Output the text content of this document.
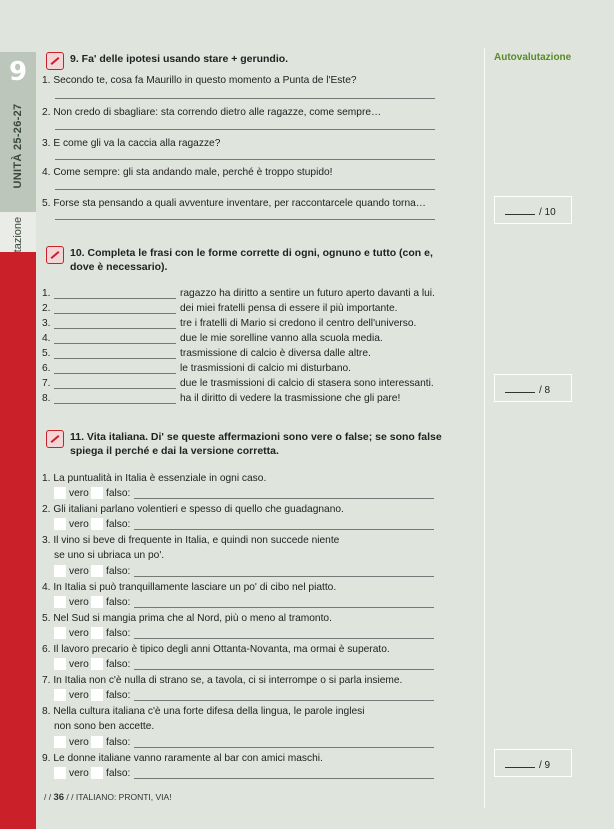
9
UNITÀ 25-26-27
Autovalutazione
/ 10
/ 8
/ 9
9. Fa' delle ipotesi usando stare + gerundio.
1. Secondo te, cosa fa Maurillo in questo momento a Punta de l'Este?
2. Non credo di sbagliare: sta correndo dietro alle ragazze, come sempre…
3. E come gli va la caccia alla ragazze?
4. Come sempre: gli sta andando male, perché è troppo stupido!
5. Forse sta pensando a quali avventure inventare, per raccontarcele quando torna…
10. Completa le frasi con le forme corrette di ogni, ognuno e tutto (con e, dove è necessario).
1.	ragazzo ha diritto a sentire un futuro aperto davanti a lui.
2.	dei miei fratelli pensa di essere il più importante.
3.	tre i fratelli di Mario si credono il centro dell'universo.
4.	due le mie sorelline vanno alla scuola media.
5.	trasmissione di calcio è diversa dalle altre.
6.	le trasmissioni di calcio mi disturbano.
7.	due le trasmissioni di calcio di stasera sono interessanti.
8.	ha il diritto di vedere la trasmissione che gli pare!
11. Vita italiana. Di' se queste affermazioni sono vere o false; se sono false spiega il perché e dai la versione corretta.
1. La puntualità in Italia è essenziale in ogni caso.
vero falso:
2. Gli italiani parlano volentieri e spesso di quello che guadagnano.
vero falso:
3. Il vino si beve di frequente in Italia, e quindi non succede niente
se uno si ubriaca un po'.
vero falso:
4. In Italia si può tranquillamente lasciare un po' di cibo nel piatto.
vero falso:
5. Nel Sud si mangia prima che al Nord, più o meno al tramonto.
vero falso:
6. Il lavoro precario è tipico degli anni Ottanta-Novanta, ma ormai è superato.
vero falso:
7. In Italia non c'è nulla di strano se, a tavola, ci si interrompe o si parla insieme.
vero falso:
8. Nella cultura italiana c'è una forte difesa della lingua, le parole inglesi
non sono ben accette.
vero falso:
9. Le donne italiane vanno raramente al bar con amici maschi.
vero falso:
/ / 36 / / ITALIANO: PRONTI, VIA!
